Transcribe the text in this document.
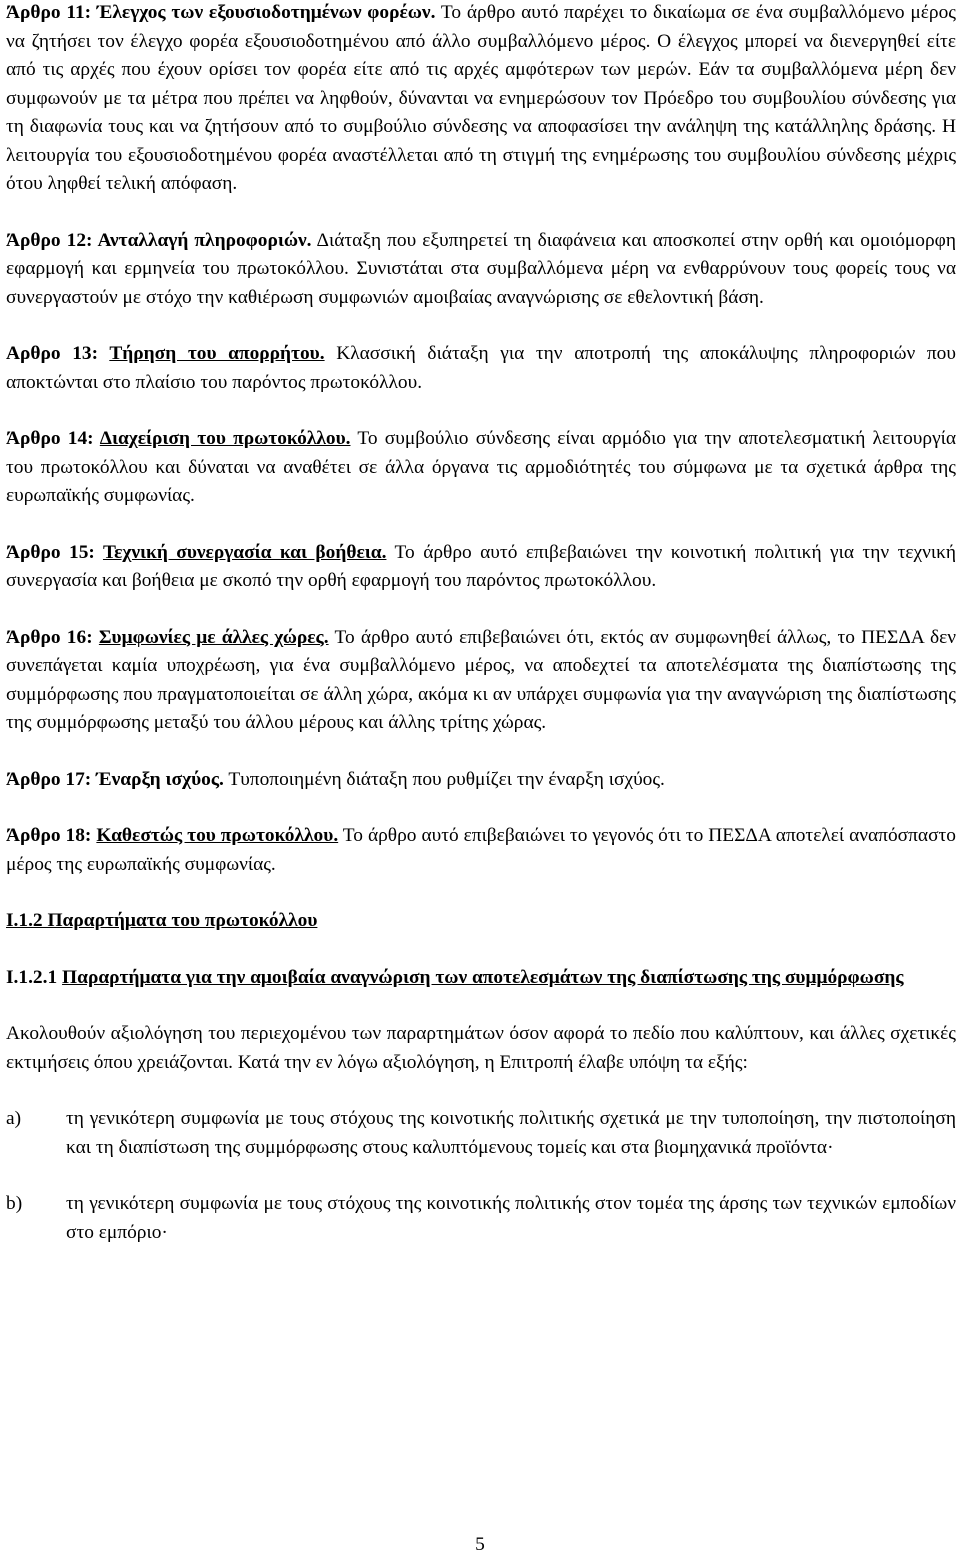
Άρθρο 11: Έλεγχος των εξουσιοδοτημένων φορέων. Το άρθρο αυτό παρέχει το δικαίωμα σε ένα συμβαλλόμενο μέρος να ζητήσει τον έλεγχο φορέα εξουσιοδοτημένου από άλλο συμβαλλόμενο μέρος. Ο έλεγχος μπορεί να διενεργηθεί είτε από τις αρχές που έχουν ορίσει τον φορέα είτε από τις αρχές αμφότερων των μερών. Εάν τα συμβαλλόμενα μέρη δεν συμφωνούν με τα μέτρα που πρέπει να ληφθούν, δύνανται να ενημερώσουν τον Πρόεδρο του συμβουλίου σύνδεσης για τη διαφωνία τους και να ζητήσουν από το συμβούλιο σύνδεσης να αποφασίσει την ανάληψη της κατάλληλης δράσης. Η λειτουργία του εξουσιοδοτημένου φορέα αναστέλλεται από τη στιγμή της ενημέρωσης του συμβουλίου σύνδεσης μέχρις ότου ληφθεί τελική απόφαση.

Άρθρο 12: Ανταλλαγή πληροφοριών. Διάταξη που εξυπηρετεί τη διαφάνεια και αποσκοπεί στην ορθή και ομοιόμορφη εφαρμογή και ερμηνεία του πρωτοκόλλου. Συνιστάται στα συμβαλλόμενα μέρη να ενθαρρύνουν τους φορείς τους να συνεργαστούν με στόχο την καθιέρωση συμφωνιών αμοιβαίας αναγνώρισης σε εθελοντική βάση.

Αρθρο 13: Τήρηση του απορρήτου. Κλασσική διάταξη για την αποτροπή της αποκάλυψης πληροφοριών που αποκτώνται στο πλαίσιο του παρόντος πρωτοκόλλου.

Άρθρο 14: Διαχείριση του πρωτοκόλλου. Το συμβούλιο σύνδεσης είναι αρμόδιο για την αποτελεσματική λειτουργία του πρωτοκόλλου και δύναται να αναθέτει σε άλλα όργανα τις αρμοδιότητές του σύμφωνα με τα σχετικά άρθρα της ευρωπαϊκής συμφωνίας.

Άρθρο 15: Τεχνική συνεργασία και βοήθεια. Το άρθρο αυτό επιβεβαιώνει την κοινοτική πολιτική για την τεχνική συνεργασία και βοήθεια με σκοπό την ορθή εφαρμογή του παρόντος πρωτοκόλλου.

Άρθρο 16: Συμφωνίες με άλλες χώρες. Το άρθρο αυτό επιβεβαιώνει ότι, εκτός αν συμφωνηθεί άλλως, το ΠΕΣΔΑ δεν συνεπάγεται καμία υποχρέωση, για ένα συμβαλλόμενο μέρος, να αποδεχτεί τα αποτελέσματα της διαπίστωσης της συμμόρφωσης που πραγματοποιείται σε άλλη χώρα, ακόμα κι αν υπάρχει συμφωνία για την αναγνώριση της διαπίστωσης της συμμόρφωσης μεταξύ του άλλου μέρους και άλλης τρίτης χώρας.

Άρθρο 17: Έναρξη ισχύος. Τυποποιημένη διάταξη που ρυθμίζει την έναρξη ισχύος.

Άρθρο 18: Καθεστώς του πρωτοκόλλου. Το άρθρο αυτό επιβεβαιώνει το γεγονός ότι το ΠΕΣΔΑ αποτελεί αναπόσπαστο μέρος της ευρωπαϊκής συμφωνίας.

I.1.2 Παραρτήματα του πρωτοκόλλου

I.1.2.1 Παραρτήματα για την αμοιβαία αναγνώριση των αποτελεσμάτων της διαπίστωσης της συμμόρφωσης

Ακολουθούν αξιολόγηση του περιεχομένου των παραρτημάτων όσον αφορά το πεδίο που καλύπτουν, και άλλες σχετικές εκτιμήσεις όπου χρειάζονται. Κατά την εν λόγω αξιολόγηση, η Επιτροπή έλαβε υπόψη τα εξής:

a)	τη γενικότερη συμφωνία με τους στόχους της κοινοτικής πολιτικής σχετικά με την τυποποίηση, την πιστοποίηση και τη διαπίστωση της συμμόρφωσης στους καλυπτόμενους τομείς και στα βιομηχανικά προϊόντα·
b)	τη γενικότερη συμφωνία με τους στόχους της κοινοτικής πολιτικής στον τομέα της άρσης των τεχνικών εμποδίων στο εμπόριο·
5
